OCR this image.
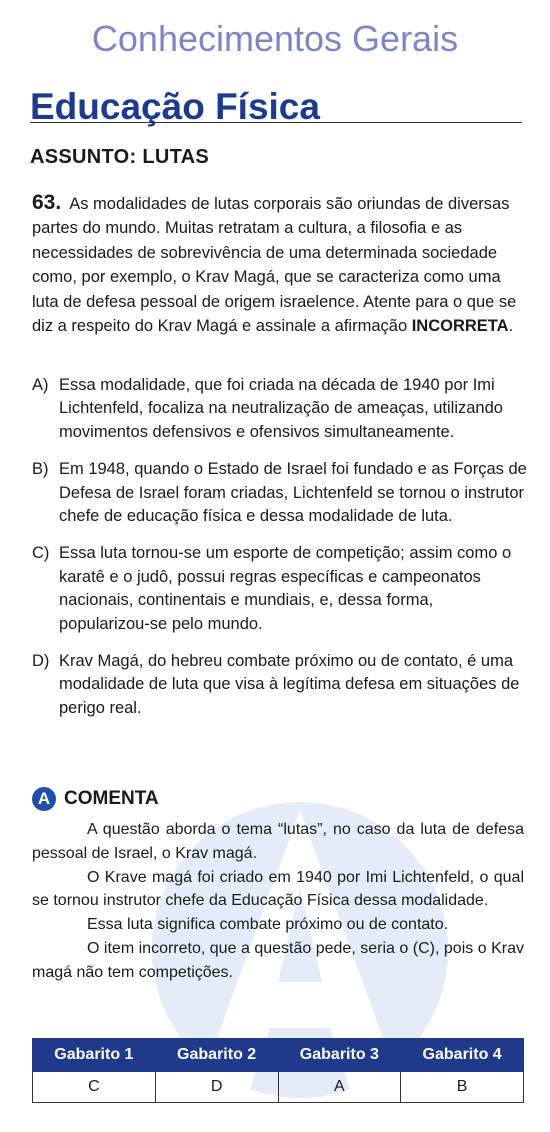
Conhecimentos Gerais
Educação Física
ASSUNTO: LUTAS
63. As modalidades de lutas corporais são oriundas de diversas partes do mundo. Muitas retratam a cultura, a filosofia e as necessidades de sobrevivência de uma determinada sociedade como, por exemplo, o Krav Magá, que se caracteriza como uma luta de defesa pessoal de origem israelence. Atente para o que se diz a respeito do Krav Magá e assinale a afirmação INCORRETA.
A) Essa modalidade, que foi criada na década de 1940 por Imi Lichtenfeld, focaliza na neutralização de ameaças, utilizando movimentos defensivos e ofensivos simultaneamente.
B) Em 1948, quando o Estado de Israel foi fundado e as Forças de Defesa de Israel foram criadas, Lichtenfeld se tornou o instrutor chefe de educação física e dessa modalidade de luta.
C) Essa luta tornou-se um esporte de competição; assim como o karatê e o judô, possui regras específicas e campeonatos nacionais, continentais e mundiais, e, dessa forma, popularizou-se pelo mundo.
D) Krav Magá, do hebreu combate próximo ou de contato, é uma modalidade de luta que visa à legítima defesa em situações de perigo real.
A COMENTA

A questão aborda o tema “lutas”, no caso da luta de defesa pessoal de Israel, o Krav magá.

O Krave magá foi criado em 1940 por Imi Lichtenfeld, o qual se tornou instrutor chefe da Educação Física dessa modalidade.

Essa luta significa combate próximo ou de contato.

O item incorreto, que a questão pede, seria o (C), pois o Krav magá não tem competições.

Gabarito 1	Gabarito 2	Gabarito 3	Gabarito 4
C	D	A	B
